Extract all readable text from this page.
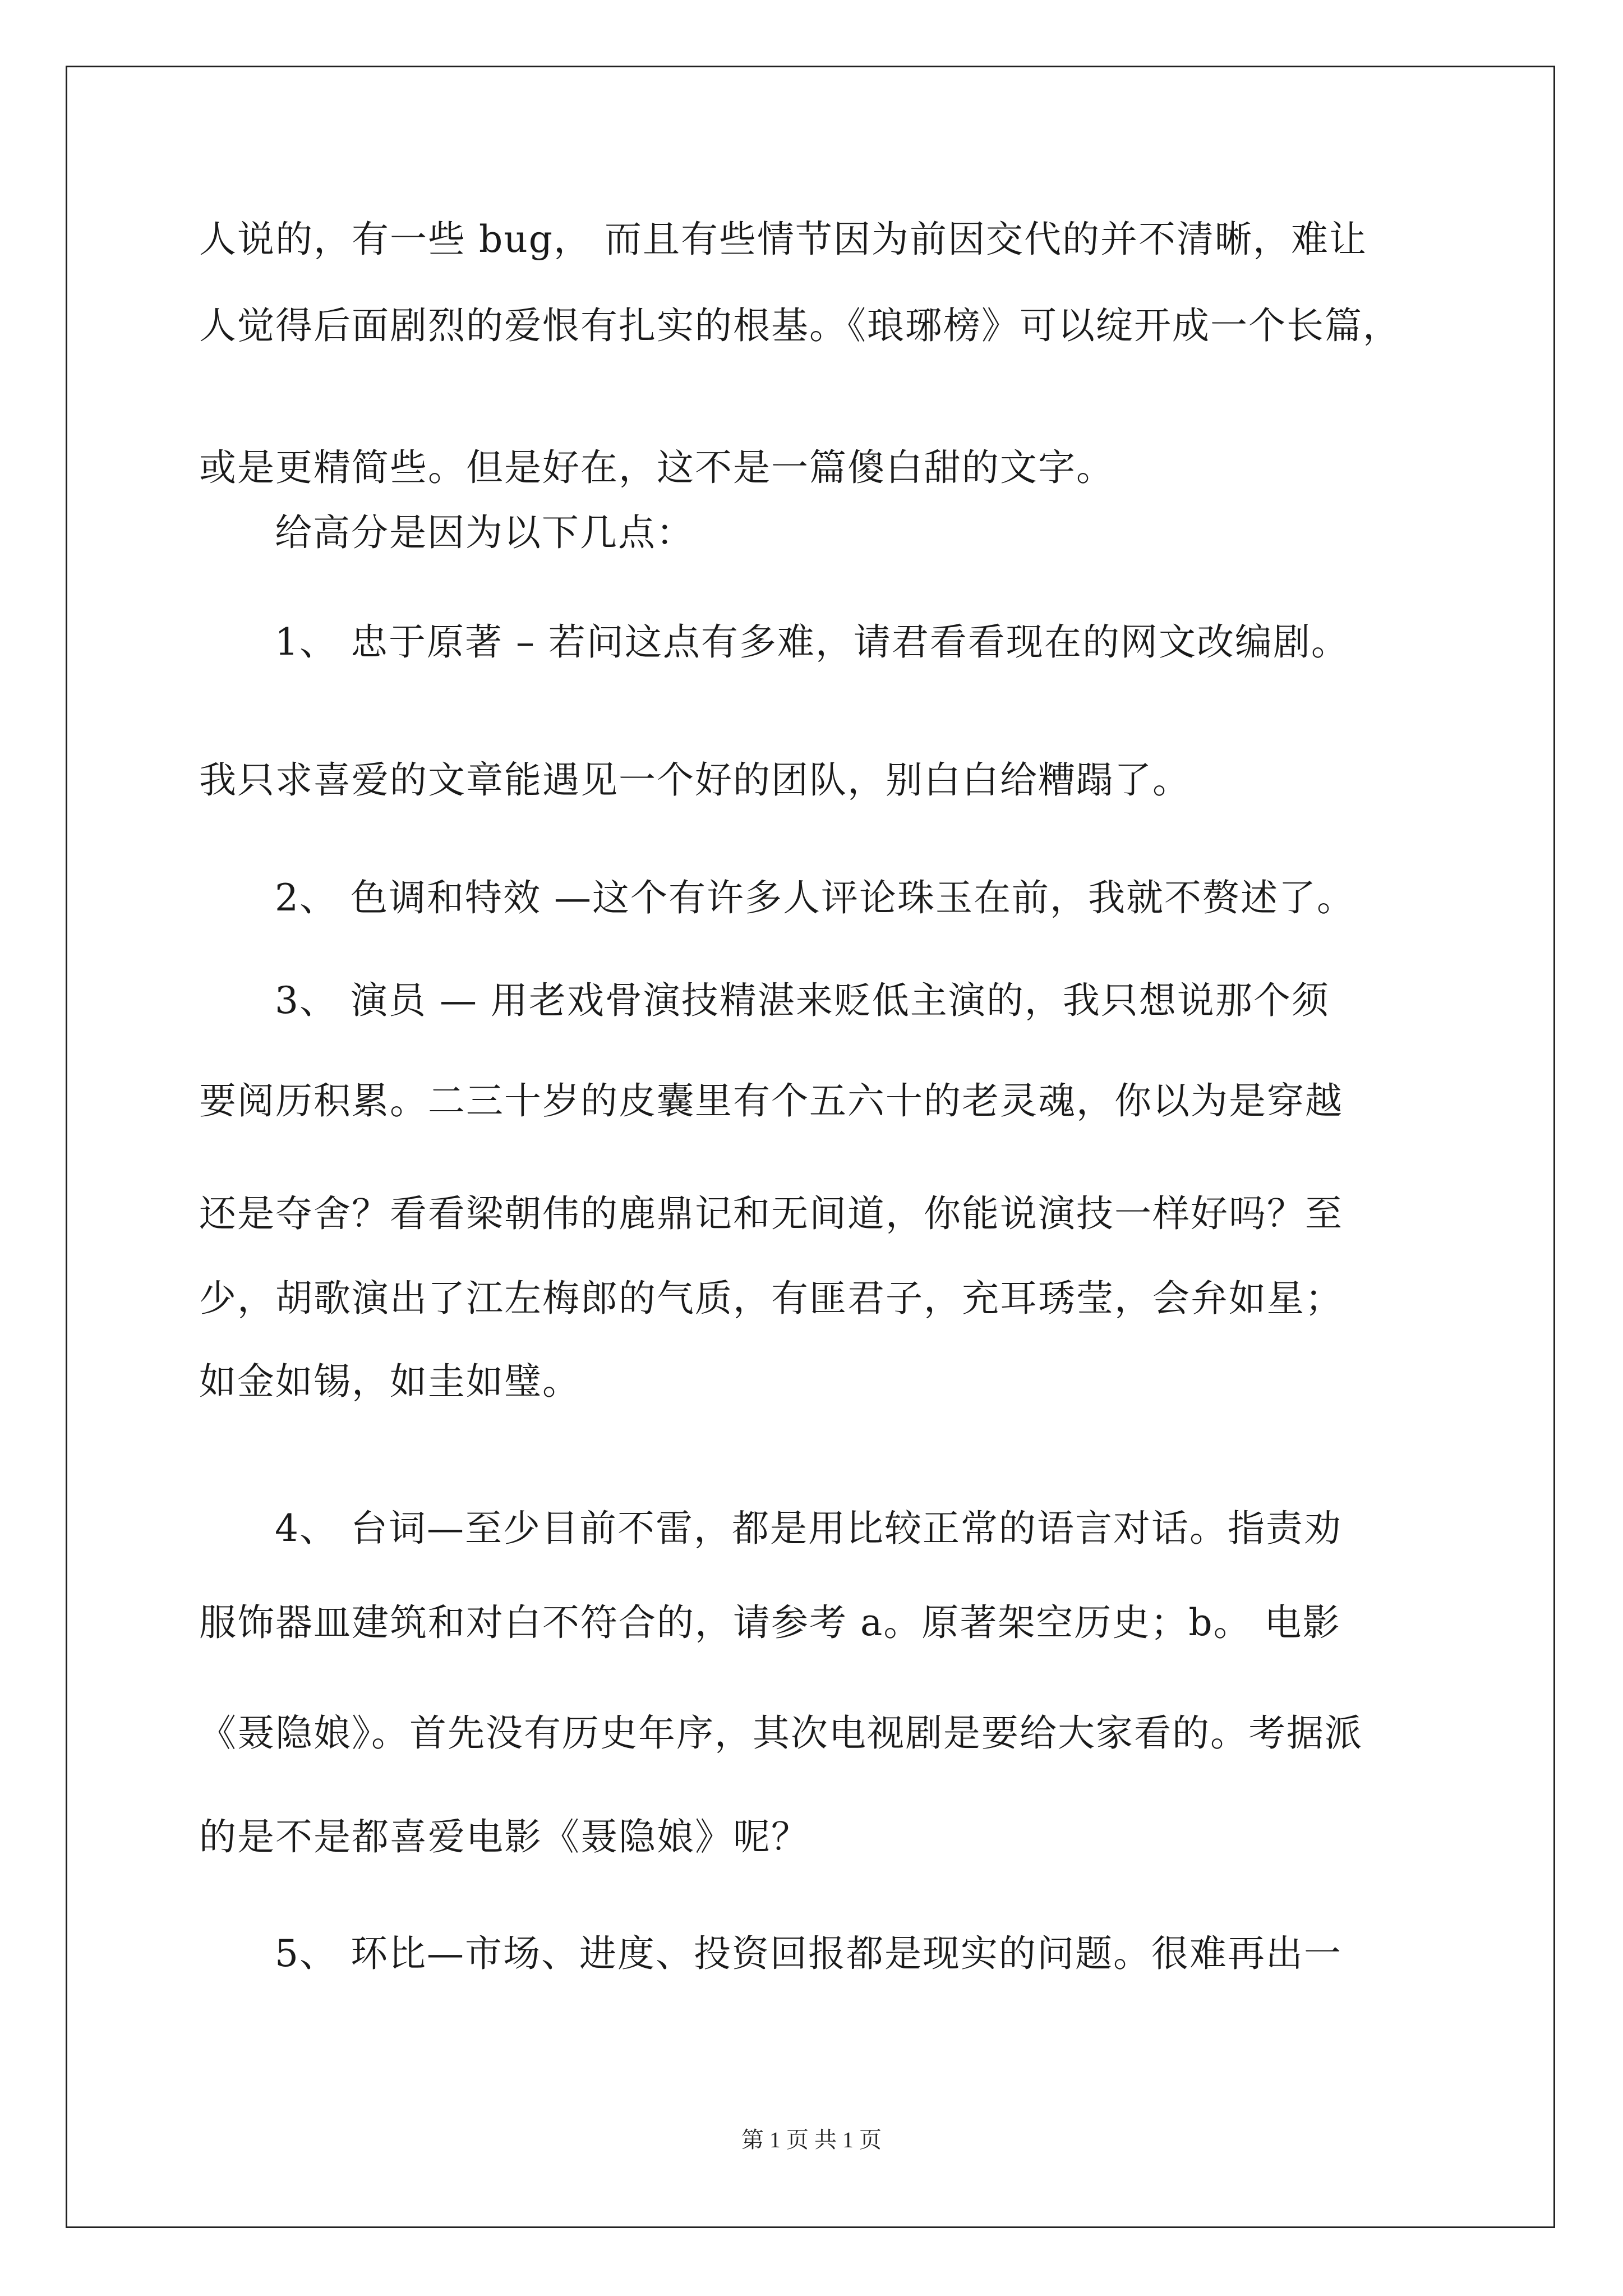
人说的，有一些 bug， 而且有些情节因为前因交代的并不清晰，难让
人觉得后面剧烈的爱恨有扎实的根基。《琅琊榜》可以绽开成一个长篇，
或是更精简些。但是好在，这不是一篇傻白甜的文字。
给高分是因为以下几点：
1、 忠于原著 – 若问这点有多难，请君看看现在的网文改编剧。
我只求喜爱的文章能遇见一个好的团队，别白白给糟蹋了。
2、 色调和特效 —这个有许多人评论珠玉在前，我就不赘述了。
3、 演员 — 用老戏骨演技精湛来贬低主演的，我只想说那个须
要阅历积累。二三十岁的皮囊里有个五六十的老灵魂，你以为是穿越
还是夺舍？看看梁朝伟的鹿鼎记和无间道，你能说演技一样好吗？至
少，胡歌演出了江左梅郎的气质，有匪君子，充耳琇莹，会弁如星；
如金如锡，如圭如璧。
4、 台词—至少目前不雷，都是用比较正常的语言对话。指责劝
服饰器皿建筑和对白不符合的，请参考 a。原著架空历史；b。 电影
《聂隐娘》。首先没有历史年序，其次电视剧是要给大家看的。考据派
的是不是都喜爱电影《聂隐娘》呢？
5、 环比—市场、进度、投资回报都是现实的问题。很难再出一
第 1 页 共 1 页
